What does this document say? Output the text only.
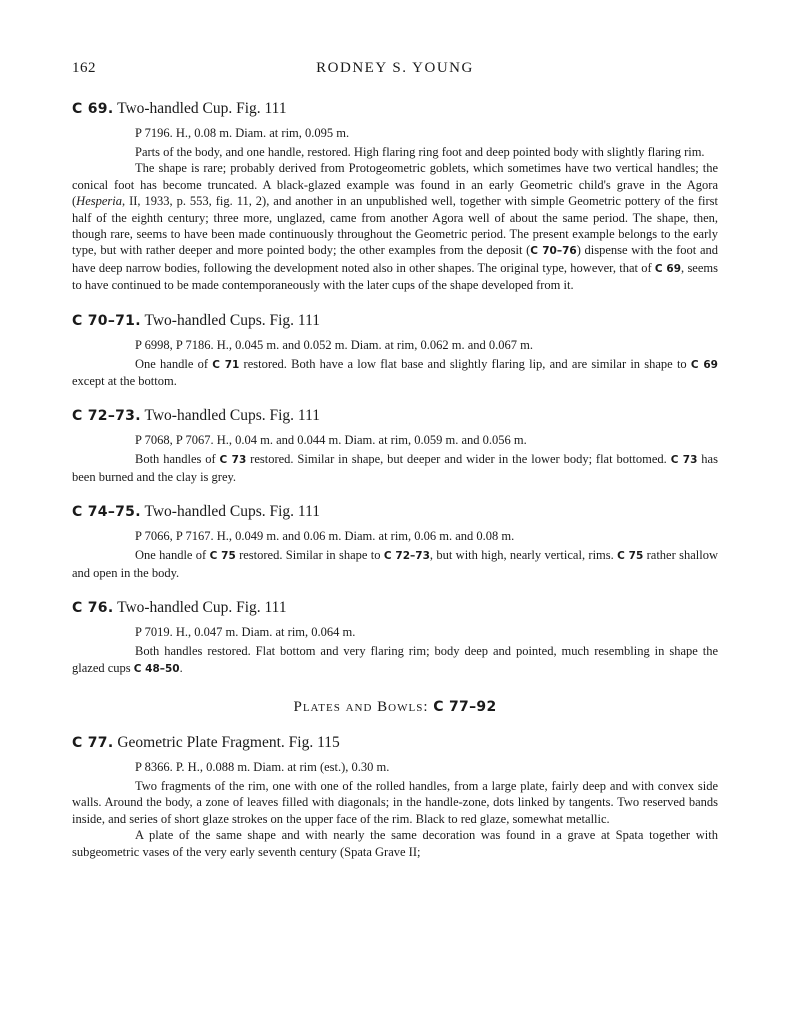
162	RODNEY S. YOUNG
C 69. Two-handled Cup. Fig. 111
P 7196. H., 0.08 m. Diam. at rim, 0.095 m.

Parts of the body, and one handle, restored. High flaring ring foot and deep pointed body with slightly flaring rim.

The shape is rare; probably derived from Protogeometric goblets, which sometimes have two vertical handles; the conical foot has become truncated. A black-glazed example was found in an early Geometric child's grave in the Agora (Hesperia, II, 1933, p. 553, fig. 11, 2), and another in an unpublished well, together with simple Geometric pottery of the first half of the eighth century; three more, unglazed, came from another Agora well of about the same period. The shape, then, though rare, seems to have been made continuously throughout the Geometric period. The present example belongs to the early type, but with rather deeper and more pointed body; the other examples from the deposit (C 70–76) dispense with the foot and have deep narrow bodies, following the development noted also in other shapes. The original type, however, that of C 69, seems to have continued to be made contemporaneously with the later cups of the shape developed from it.

C 70–71. Two-handled Cups. Fig. 111
P 6998, P 7186. H., 0.045 m. and 0.052 m. Diam. at rim, 0.062 m. and 0.067 m.

One handle of C 71 restored. Both have a low flat base and slightly flaring lip, and are similar in shape to C 69 except at the bottom.

C 72–73. Two-handled Cups. Fig. 111
P 7068, P 7067. H., 0.04 m. and 0.044 m. Diam. at rim, 0.059 m. and 0.056 m.

Both handles of C 73 restored. Similar in shape, but deeper and wider in the lower body; flat bottomed. C 73 has been burned and the clay is grey.

C 74–75. Two-handled Cups. Fig. 111
P 7066, P 7167. H., 0.049 m. and 0.06 m. Diam. at rim, 0.06 m. and 0.08 m.

One handle of C 75 restored. Similar in shape to C 72–73, but with high, nearly vertical, rims. C 75 rather shallow and open in the body.

C 76. Two-handled Cup. Fig. 111
P 7019. H., 0.047 m. Diam. at rim, 0.064 m.

Both handles restored. Flat bottom and very flaring rim; body deep and pointed, much resembling in shape the glazed cups C 48–50.

Plates and Bowls: C 77–92
C 77. Geometric Plate Fragment. Fig. 115
P 8366. P. H., 0.088 m. Diam. at rim (est.), 0.30 m.

Two fragments of the rim, one with one of the rolled handles, from a large plate, fairly deep and with convex side walls. Around the body, a zone of leaves filled with diagonals; in the handle-zone, dots linked by tangents. Two reserved bands inside, and series of short glaze strokes on the upper face of the rim. Black to red glaze, somewhat metallic.

A plate of the same shape and with nearly the same decoration was found in a grave at Spata together with subgeometric vases of the very early seventh century (Spata Grave II;
